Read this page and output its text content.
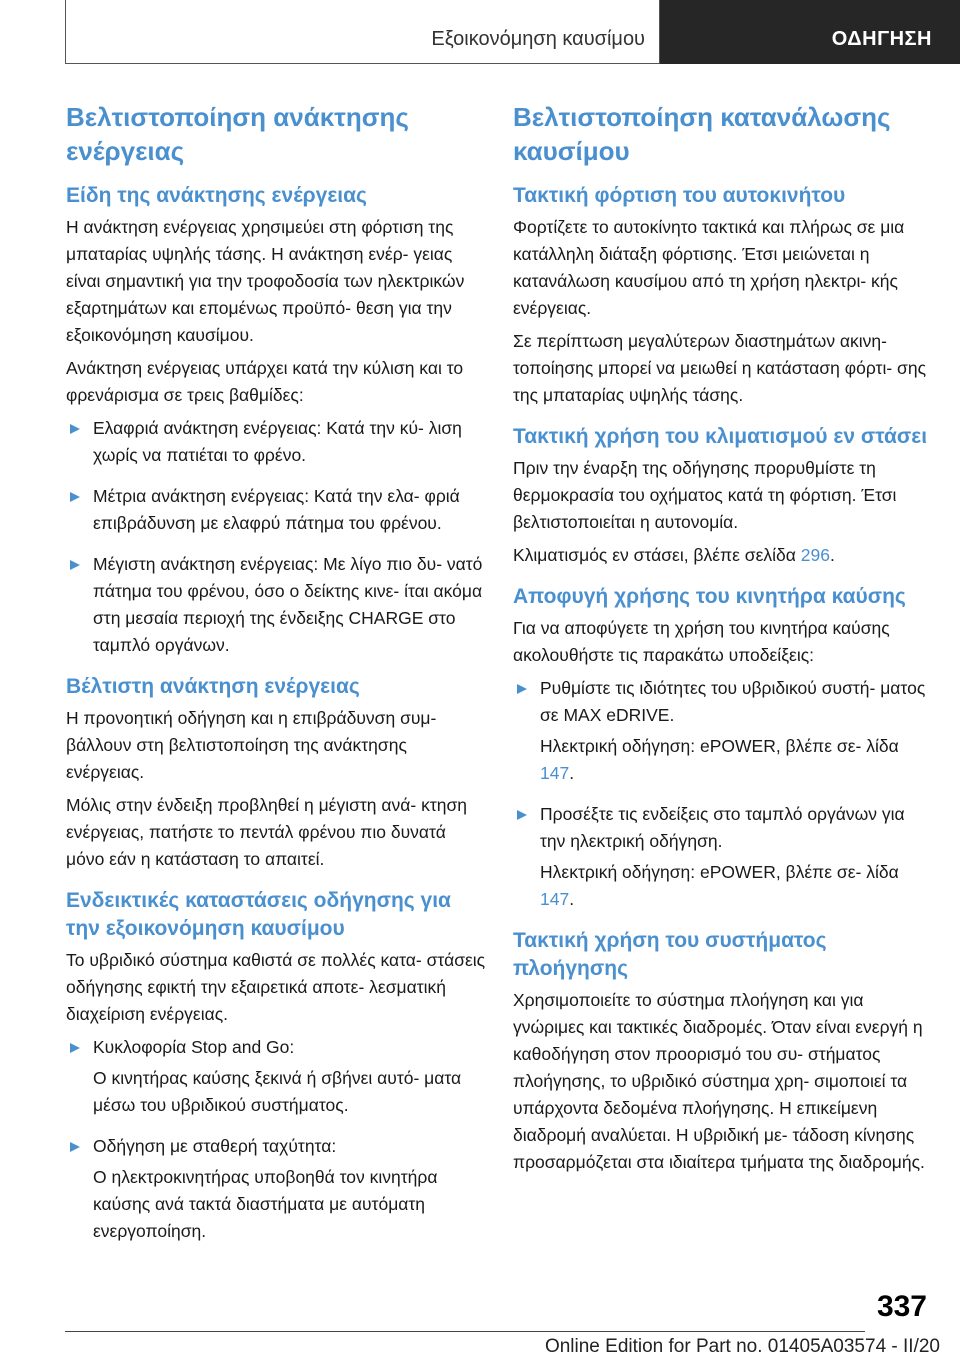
Εξοικονόμηση καυσίμου	ΟΔΗΓΗΣΗ
Βελτιστοποίηση ανάκτησης ενέργειας
Είδη της ανάκτησης ενέργειας

Η ανάκτηση ενέργειας χρησιμεύει στη φόρτιση της μπαταρίας υψηλής τάσης. Η ανάκτηση ενέρ- γειας είναι σημαντική για την τροφοδοσία των ηλεκτρικών εξαρτημάτων και επομένως προϋπό- θεση για την εξοικονόμηση καυσίμου.

Ανάκτηση ενέργειας υπάρχει κατά την κύλιση και το φρενάρισμα σε τρεις βαθμίδες:

Ελαφριά ανάκτηση ενέργειας: Κατά την κύ- λιση χωρίς να πατιέται το φρένο.

Μέτρια ανάκτηση ενέργειας: Κατά την ελα- φριά επιβράδυνση με ελαφρύ πάτημα του φρένου.

Μέγιστη ανάκτηση ενέργειας: Με λίγο πιο δυ- νατό πάτημα του φρένου, όσο ο δείκτης κινε- ίται ακόμα στη μεσαία περιοχή της ένδειξης CHARGE στο ταμπλό οργάνων.

Βέλτιστη ανάκτηση ενέργειας

Η προνοητική οδήγηση και η επιβράδυνση συμ- βάλλουν στη βελτιστοποίηση της ανάκτησης ενέργειας.

Μόλις στην ένδειξη προβληθεί η μέγιστη ανά- κτηση ενέργειας, πατήστε το πεντάλ φρένου πιο δυνατά μόνο εάν η κατάσταση το απαιτεί.

Ενδεικτικές καταστάσεις οδήγησης για την εξοικονόμηση καυσίμου

Το υβριδικό σύστημα καθιστά σε πολλές κατα- στάσεις οδήγησης εφικτή την εξαιρετικά αποτε- λεσματική διαχείριση ενέργειας.

Κυκλοφορία Stop and Go:

Ο κινητήρας καύσης ξεκινά ή σβήνει αυτό- ματα μέσω του υβριδικού συστήματος.

Οδήγηση με σταθερή ταχύτητα:

Ο ηλεκτροκινητήρας υποβοηθά τον κινητήρα καύσης ανά τακτά διαστήματα με αυτόματη ενεργοποίηση.

Βελτιστοποίηση κατανάλωσης καυσίμου
Τακτική φόρτιση του αυτοκινήτου

Φορτίζετε το αυτοκίνητο τακτικά και πλήρως σε μια κατάλληλη διάταξη φόρτισης. Έτσι μειώνεται η κατανάλωση καυσίμου από τη χρήση ηλεκτρι- κής ενέργειας.

Σε περίπτωση μεγαλύτερων διαστημάτων ακινη- τοποίησης μπορεί να μειωθεί η κατάσταση φόρτι- σης της μπαταρίας υψηλής τάσης.

Τακτική χρήση του κλιματισμού εν στάσει

Πριν την έναρξη της οδήγησης προρυθμίστε τη θερμοκρασία του οχήματος κατά τη φόρτιση. Έτσι βελτιστοποιείται η αυτονομία.

Κλιματισμός εν στάσει, βλέπε σελίδα 296.

Αποφυγή χρήσης του κινητήρα καύσης

Για να αποφύγετε τη χρήση του κινητήρα καύσης ακολουθήστε τις παρακάτω υποδείξεις:

Ρυθμίστε τις ιδιότητες του υβριδικού συστή- ματος σε MAX eDRIVE.

Ηλεκτρική οδήγηση: ePOWER, βλέπε σε- λίδα 147.

Προσέξτε τις ενδείξεις στο ταμπλό οργάνων για την ηλεκτρική οδήγηση.

Ηλεκτρική οδήγηση: ePOWER, βλέπε σε- λίδα 147.

Τακτική χρήση του συστήματος πλοήγησης

Χρησιμοποιείτε το σύστημα πλοήγηση και για γνώριμες και τακτικές διαδρομές. Όταν είναι ενεργή η καθοδήγηση στον προορισμό του συ- στήματος πλοήγησης, το υβριδικό σύστημα χρη- σιμοποιεί τα υπάρχοντα δεδομένα πλοήγησης. Η επικείμενη διαδρομή αναλύεται. Η υβριδική με- τάδοση κίνησης προσαρμόζεται στα ιδιαίτερα τμήματα της διαδρομής.

337
Online Edition for Part no. 01405A03574 - II/20
